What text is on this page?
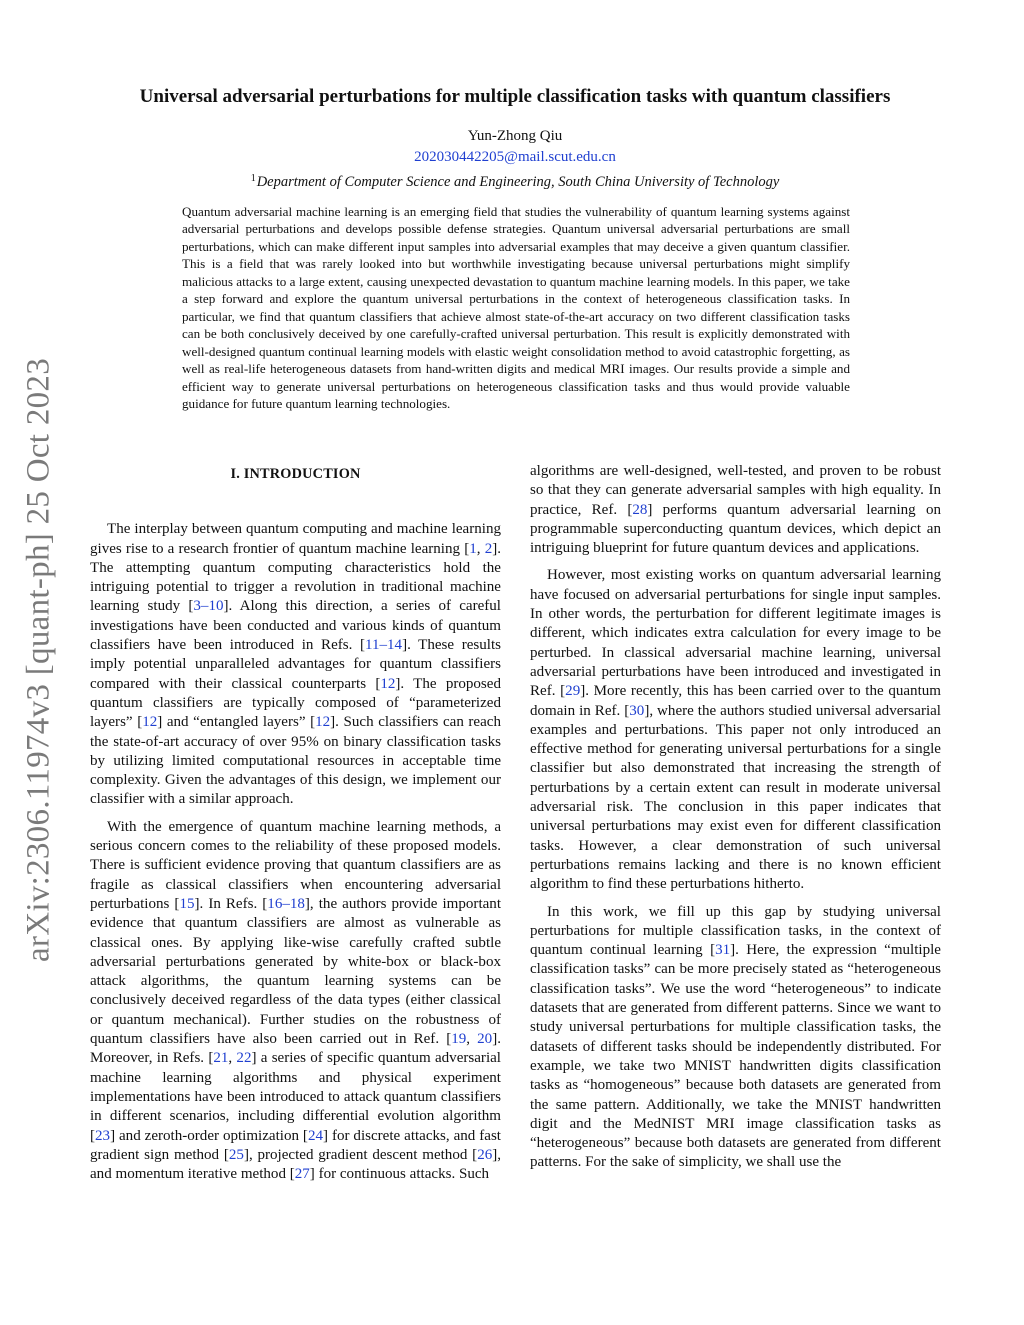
arXiv:2306.11974v3 [quant-ph] 25 Oct 2023
Universal adversarial perturbations for multiple classification tasks with quantum classifiers
Yun-Zhong Qiu
202030442205@mail.scut.edu.cn
$^1$Department of Computer Science and Engineering, South China University of Technology

Quantum adversarial machine learning is an emerging field that studies the vulnerability of quantum learning systems against adversarial perturbations and develops possible defense strategies. Quantum universal adversarial perturbations are small perturbations, which can make different input samples into adversarial examples that may deceive a given quantum classifier. This is a field that was rarely looked into but worthwhile investigating because universal perturbations might simplify malicious attacks to a large extent, causing unexpected devastation to quantum machine learning models. In this paper, we take a step forward and explore the quantum universal perturbations in the context of heterogeneous classification tasks. In particular, we find that quantum classifiers that achieve almost state-of-the-art accuracy on two different classification tasks can be both conclusively deceived by one carefully-crafted universal perturbation. This result is explicitly demonstrated with well-designed quantum continual learning models with elastic weight consolidation method to avoid catastrophic forgetting, as well as real-life heterogeneous datasets from hand-written digits and medical MRI images. Our results provide a simple and efficient way to generate universal perturbations on heterogeneous classification tasks and thus would provide valuable guidance for future quantum learning technologies.

I. INTRODUCTION

The interplay between quantum computing and machine learning gives rise to a research frontier of quantum machine learning [1, 2]. The attempting quantum computing characteristics hold the intriguing potential to trigger a revolution in traditional machine learning study [3–10]. Along this direction, a series of careful investigations have been conducted and various kinds of quantum classifiers have been introduced in Refs. [11–14]. These results imply potential unparalleled advantages for quantum classifiers compared with their classical counterparts [12]. The proposed quantum classifiers are typically composed of “parameterized layers” [12] and “entangled layers” [12]. Such classifiers can reach the state-of-art accuracy of over 95% on binary classification tasks by utilizing limited computational resources in acceptable time complexity. Given the advantages of this design, we implement our classifier with a similar approach.

With the emergence of quantum machine learning methods, a serious concern comes to the reliability of these proposed models. There is sufficient evidence proving that quantum classifiers are as fragile as classical classifiers when encountering adversarial perturbations [15]. In Refs. [16–18], the authors provide important evidence that quantum classifiers are almost as vulnerable as classical ones. By applying like-wise carefully crafted subtle adversarial perturbations generated by white-box or black-box attack algorithms, the quantum learning systems can be conclusively deceived regardless of the data types (either classical or quantum mechanical). Further studies on the robustness of quantum classifiers have also been carried out in Ref. [19, 20]. Moreover, in Refs. [21, 22] a series of specific quantum adversarial machine learning algorithms and physical experiment implementations have been introduced to attack quantum classifiers in different scenarios, including differential evolution algorithm [23] and zeroth-order optimization [24] for discrete attacks, and fast gradient sign method [25], projected gradient descent method [26], and momentum iterative method [27] for continuous attacks. Such

algorithms are well-designed, well-tested, and proven to be robust so that they can generate adversarial samples with high equality. In practice, Ref. [28] performs quantum adversarial learning on programmable superconducting quantum devices, which depict an intriguing blueprint for future quantum devices and applications.

However, most existing works on quantum adversarial learning have focused on adversarial perturbations for single input samples. In other words, the perturbation for different legitimate images is different, which indicates extra calculation for every image to be perturbed. In classical adversarial machine learning, universal adversarial perturbations have been introduced and investigated in Ref. [29]. More recently, this has been carried over to the quantum domain in Ref. [30], where the authors studied universal adversarial examples and perturbations. This paper not only introduced an effective method for generating universal perturbations for a single classifier but also demonstrated that increasing the strength of perturbations by a certain extent can result in moderate universal adversarial risk. The conclusion in this paper indicates that universal perturbations may exist even for different classification tasks. However, a clear demonstration of such universal perturbations remains lacking and there is no known efficient algorithm to find these perturbations hitherto.

In this work, we fill up this gap by studying universal perturbations for multiple classification tasks, in the context of quantum continual learning [31]. Here, the expression “multiple classification tasks” can be more precisely stated as “heterogeneous classification tasks”. We use the word “heterogeneous” to indicate datasets that are generated from different patterns. Since we want to study universal perturbations for multiple classification tasks, the datasets of different tasks should be independently distributed. For example, we take two MNIST handwritten digits classification tasks as “homogeneous” because both datasets are generated from the same pattern. Additionally, we take the MNIST handwritten digit and the MedNIST MRI image classification tasks as “heterogeneous” because both datasets are generated from different patterns. For the sake of simplicity, we shall use the
